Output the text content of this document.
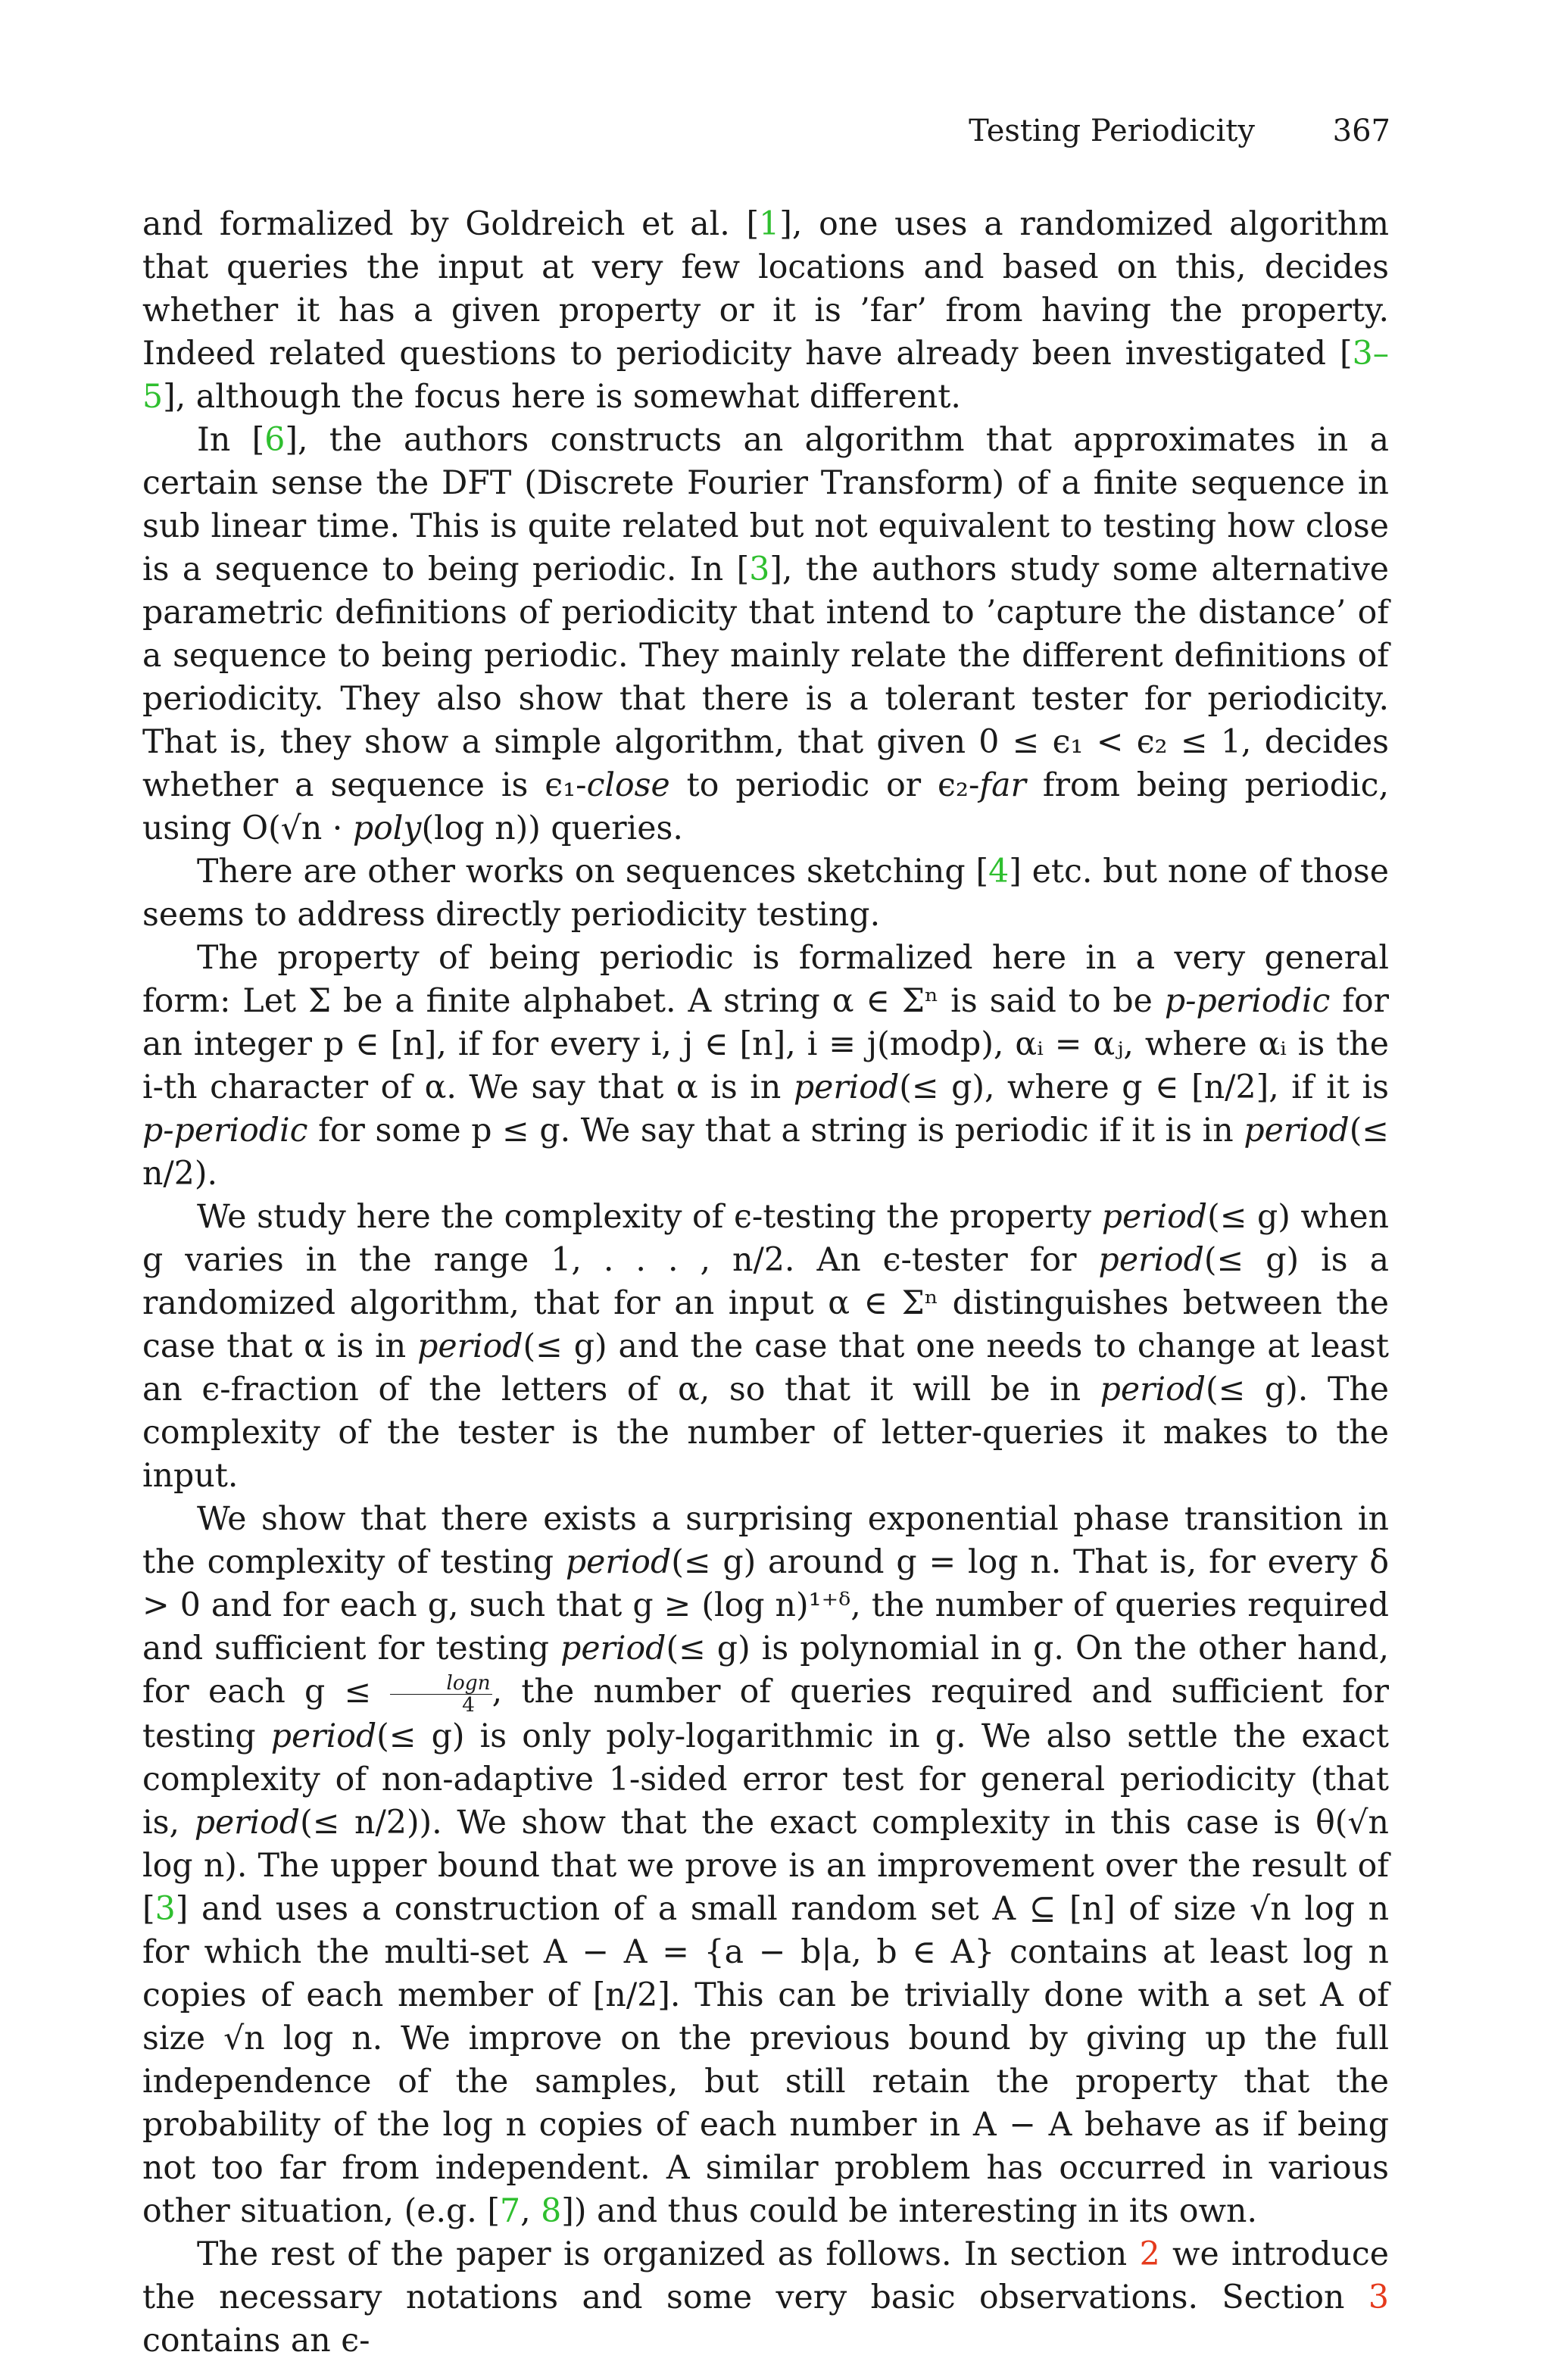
Testing Periodicity	367

and formalized by Goldreich et al. [1], one uses a randomized algorithm that queries the input at very few locations and based on this, decides whether it has a given property or it is ’far’ from having the property. Indeed related questions to periodicity have already been investigated [3–5], although the focus here is somewhat different.

In [6], the authors constructs an algorithm that approximates in a certain sense the DFT (Discrete Fourier Transform) of a finite sequence in sub linear time. This is quite related but not equivalent to testing how close is a sequence to being periodic. In [3], the authors study some alternative parametric definitions of periodicity that intend to ’capture the distance’ of a sequence to being periodic. They mainly relate the different definitions of periodicity. They also show that there is a tolerant tester for periodicity. That is, they show a simple algorithm, that given 0 ≤ ϵ₁ < ϵ₂ ≤ 1, decides whether a sequence is ϵ₁-close to periodic or ϵ₂-far from being periodic, using O(√n · poly(log n)) queries.

There are other works on sequences sketching [4] etc. but none of those seems to address directly periodicity testing.

The property of being periodic is formalized here in a very general form: Let Σ be a finite alphabet. A string α ∈ Σⁿ is said to be p-periodic for an integer p ∈ [n], if for every i, j ∈ [n], i ≡ j(modp), αᵢ = αⱼ, where αᵢ is the i-th character of α. We say that α is in period(≤ g), where g ∈ [n/2], if it is p-periodic for some p ≤ g. We say that a string is periodic if it is in period(≤ n/2).

We study here the complexity of ϵ-testing the property period(≤ g) when g varies in the range 1, . . . , n/2. An ϵ-tester for period(≤ g) is a randomized algorithm, that for an input α ∈ Σⁿ distinguishes between the case that α is in period(≤ g) and the case that one needs to change at least an ϵ-fraction of the letters of α, so that it will be in period(≤ g). The complexity of the tester is the number of letter-queries it makes to the input.

We show that there exists a surprising exponential phase transition in the complexity of testing period(≤ g) around g = log n. That is, for every δ > 0 and for each g, such that g ≥ (log n)¹⁺ᵟ, the number of queries required and sufficient for testing period(≤ g) is polynomial in g. On the other hand, for each $g \le \frac{\log n}{4}$ , the number of queries required and sufficient for testing period(≤ g) is only poly-logarithmic in g. We also settle the exact complexity of non-adaptive 1-sided error test for general periodicity (that is, period(≤ n/2)). We show that the exact complexity in this case is θ(√n log n). The upper bound that we prove is an improvement over the result of [3] and uses a construction of a small random set A ⊆ [n] of size √n log n for which the multi-set A − A = {a − b|a, b ∈ A} contains at least log n copies of each member of [n/2]. This can be trivially done with a set A of size √n log n. We improve on the previous bound by giving up the full independence of the samples, but still retain the property that the probability of the log n copies of each number in A − A behave as if being not too far from independent. A similar problem has occurred in various other situation, (e.g. [7, 8]) and thus could be interesting in its own.

The rest of the paper is organized as follows. In section 2 we introduce the necessary notations and some very basic observations. Section 3 contains an ϵ-
